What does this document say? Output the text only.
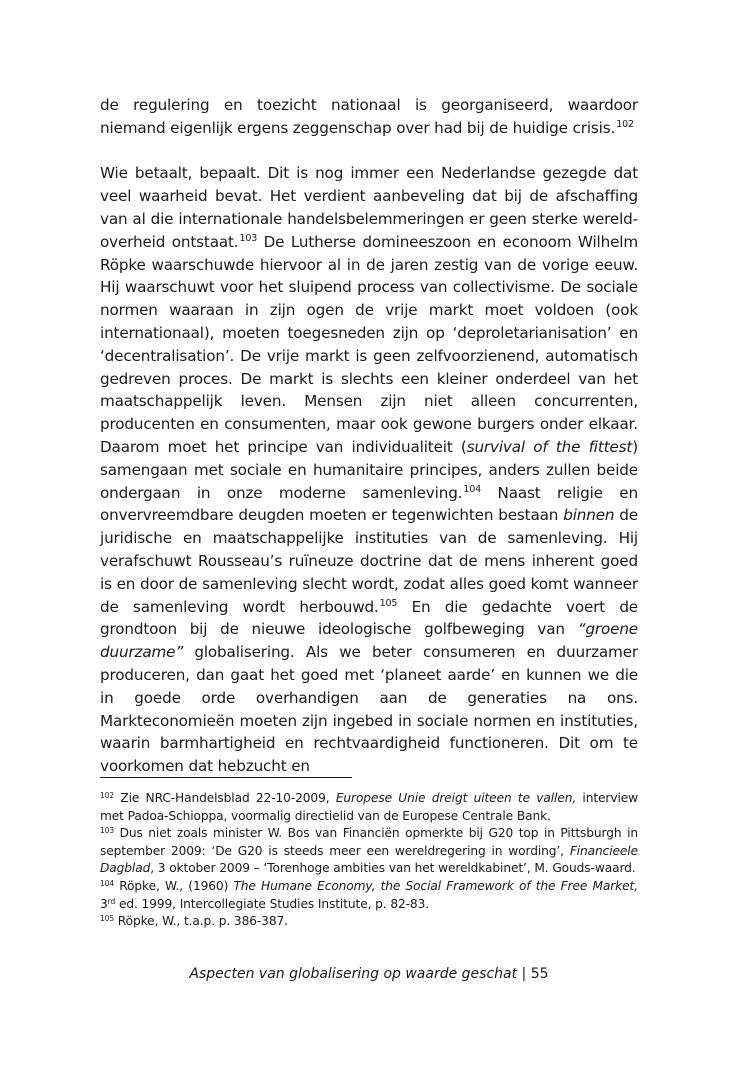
de regulering en toezicht nationaal is georganiseerd, waardoor niemand eigenlijk ergens zeggenschap over had bij de huidige crisis.$^{102}$

Wie betaalt, bepaalt. Dit is nog immer een Nederlandse gezegde dat veel waarheid bevat. Het verdient aanbeveling dat bij de afschaffing van al die internationale handelsbelemmeringen er geen sterke wereld-overheid ontstaat.$^{103}$ De Lutherse domineeszoon en econoom Wilhelm Röpke waarschuwde hiervoor al in de jaren zestig van de vorige eeuw. Hij waarschuwt voor het sluipend process van collectivisme. De sociale normen waaraan in zijn ogen de vrije markt moet voldoen (ook internationaal), moeten toegesneden zijn op ‘deproletarianisation’ en ‘decentralisation’. De vrije markt is geen zelfvoorzienend, automatisch gedreven proces. De markt is slechts een kleiner onderdeel van het maatschappelijk leven. Mensen zijn niet alleen concurrenten, producenten en consumenten, maar ook gewone burgers onder elkaar. Daarom moet het principe van individualiteit (survival of the fittest) samengaan met sociale en humanitaire principes, anders zullen beide ondergaan in onze moderne samenleving.$^{104}$ Naast religie en onvervreemdbare deugden moeten er tegenwichten bestaan binnen de juridische en maatschappelijke instituties van de samenleving. Hij verafschuwt Rousseau’s ruïneuze doctrine dat de mens inherent goed is en door de samenleving slecht wordt, zodat alles goed komt wanneer de samenleving wordt herbouwd.$^{105}$ En die gedachte voert de grondtoon bij de nieuwe ideologische golfbeweging van “groene duurzame” globalisering. Als we beter consumeren en duurzamer produceren, dan gaat het goed met ‘planeet aarde’ en kunnen we die in goede orde overhandigen aan de generaties na ons. Markteconomieën moeten zijn ingebed in sociale normen en instituties, waarin barmhartigheid en rechtvaardigheid functioneren. Dit om te voorkomen dat hebzucht en

$^{102}$ Zie NRC-Handelsblad 22-10-2009, Europese Unie dreigt uiteen te vallen, interview met Padoa-Schioppa, voormalig directielid van de Europese Centrale Bank.

$^{103}$ Dus niet zoals minister W. Bos van Financiën opmerkte bij G20 top in Pittsburgh in september 2009: ‘De G20 is steeds meer een wereldregering in wording’, Financieele Dagblad, 3 oktober 2009 – ‘Torenhoge ambities van het wereldkabinet’, M. Gouds-waard.

$^{104}$ Röpke, W., (1960) The Humane Economy, the Social Framework of the Free Market, 3rd ed. 1999, Intercollegiate Studies Institute, p. 82-83.

$^{105}$ Röpke, W., t.a.p. p. 386-387.

Aspecten van globalisering op waarde geschat | 55
